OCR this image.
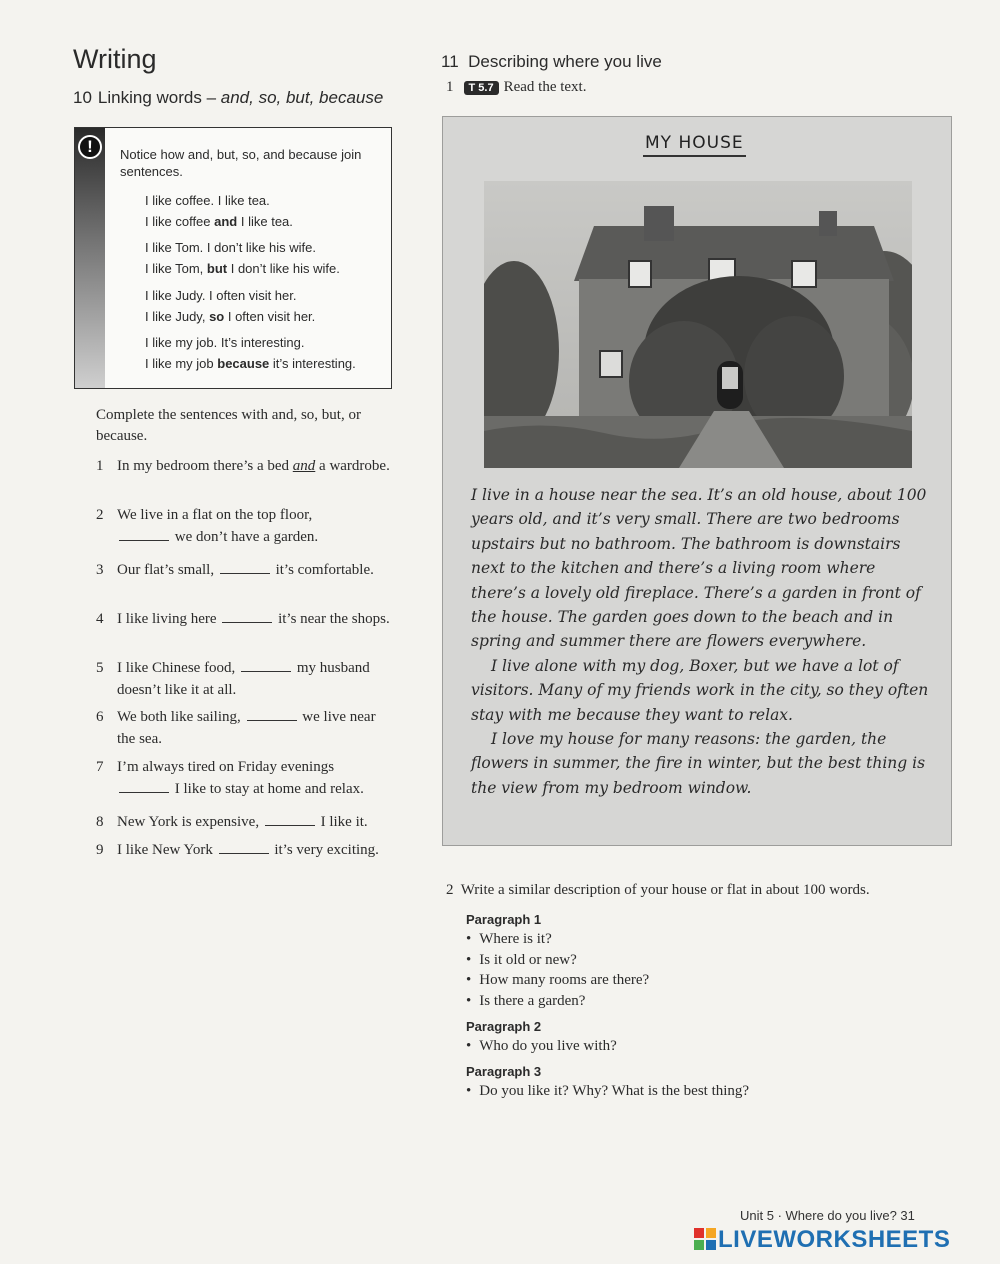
Writing
10 Linking words – and, so, but, because
!	Notice how and, but, so, and because join sentences.
I like coffee. I like tea.
I like coffee and I like tea.
I like Tom. I don’t like his wife.
I like Tom, but I don’t like his wife.
I like Judy. I often visit her.
I like Judy, so I often visit her.
I like my job. It’s interesting.
I like my job because it’s interesting.
Complete the sentences with and, so, but, or because.
1 In my bedroom there’s a bed and a wardrobe.
2 We live in a flat on the top floor,
we don’t have a garden.
3 Our flat’s small,	it’s comfortable.
4 I like living here	it’s near the shops.
5 I like Chinese food,	my husband doesn’t like it at all.
6 We both like sailing,	we live near the sea.
7 I’m always tired on Friday evenings
I like to stay at home and relax.
8 New York is expensive,	I like it.
9 I like New York	it’s very exciting.
11 Describing where you live
1 T 5.7 Read the text.
MY HOUSE

I live in a house near the sea. It’s an old house, about 100 years old, and it’s very small. There are two bedrooms upstairs but no bathroom. The bathroom is downstairs next to the kitchen and there’s a living room where there’s a lovely old fireplace. There’s a garden in front of the house. The garden goes down to the beach and in spring and summer there are flowers everywhere.

I live alone with my dog, Boxer, but we have a lot of visitors. Many of my friends work in the city, so they often stay with me because they want to relax.

I love my house for many reasons: the garden, the flowers in summer, the fire in winter, but the best thing is the view from my bedroom window.

2 Write a similar description of your house or flat in about 100 words.
Paragraph 1
• Where is it?
• Is it old or new?
• How many rooms are there?
• Is there a garden?
Paragraph 2
• Who do you live with?
Paragraph 3
• Do you like it? Why? What is the best thing?
Unit 5 · Where do you live? 31
LIVEWORKSHEETS
